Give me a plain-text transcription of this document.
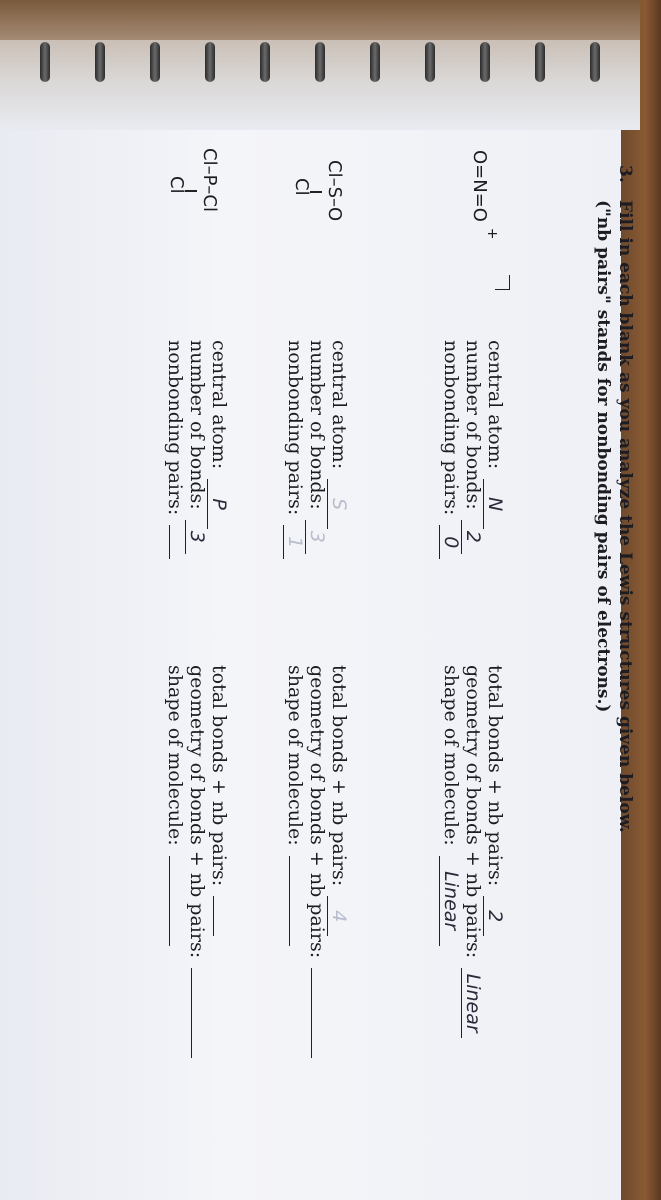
3.
Fill in each blank as you analyze the Lewis structures given below.
("nb pairs" stands for nonbonding pairs of electrons.)
O=N=O +
central atom: N
number of bonds: 2
nonbonding pairs: 0
total bonds + nb pairs: 2
geometry of bonds + nb pairs: Linear
shape of molecule: Linear
Cl–S–O
Cl
central atom: S
number of bonds: 3
nonbonding pairs: 1
total bonds + nb pairs: 4
geometry of bonds + nb pairs:
shape of molecule:
Cl–P–Cl
Cl
central atom: P
number of bonds: 3
nonbonding pairs:
total bonds + nb pairs:
geometry of bonds + nb pairs:
shape of molecule:
